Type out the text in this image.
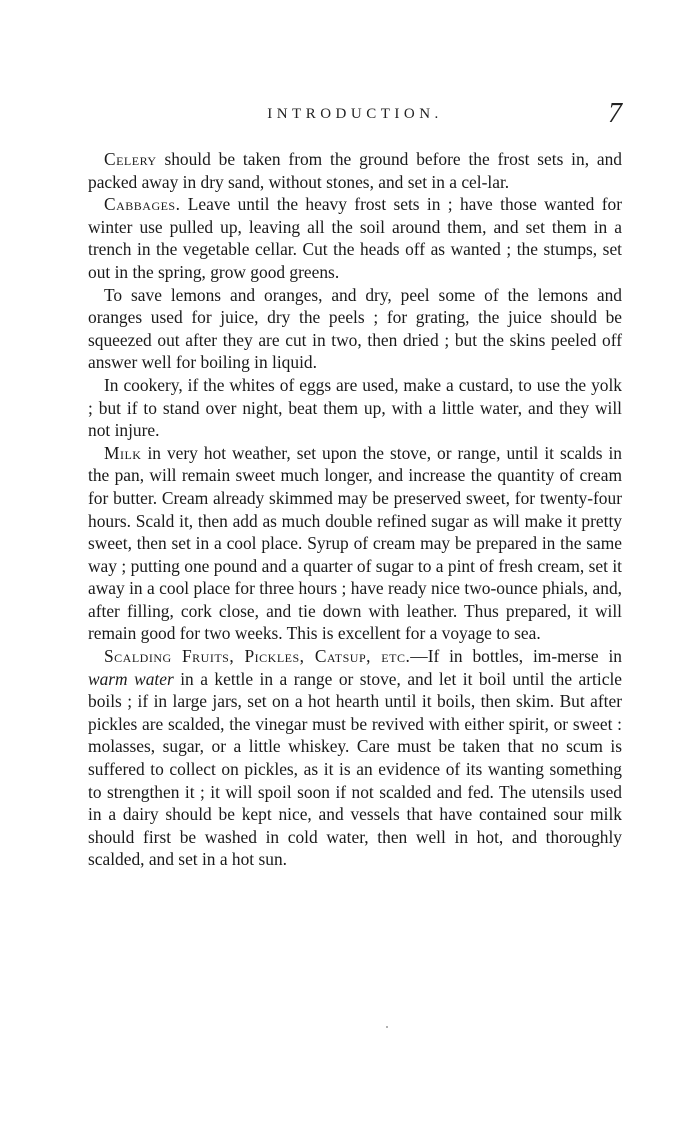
INTRODUCTION.	7

Celery should be taken from the ground before the frost sets in, and packed away in dry sand, without stones, and set in a cel-lar.

Cabbages. Leave until the heavy frost sets in ; have those wanted for winter use pulled up, leaving all the soil around them, and set them in a trench in the vegetable cellar. Cut the heads off as wanted ; the stumps, set out in the spring, grow good greens.

To save lemons and oranges, and dry, peel some of the lemons and oranges used for juice, dry the peels ; for grating, the juice should be squeezed out after they are cut in two, then dried ; but the skins peeled off answer well for boiling in liquid.

In cookery, if the whites of eggs are used, make a custard, to use the yolk ; but if to stand over night, beat them up, with a little water, and they will not injure.

Milk in very hot weather, set upon the stove, or range, until it scalds in the pan, will remain sweet much longer, and increase the quantity of cream for butter. Cream already skimmed may be preserved sweet, for twenty-four hours. Scald it, then add as much double refined sugar as will make it pretty sweet, then set in a cool place. Syrup of cream may be prepared in the same way ; putting one pound and a quarter of sugar to a pint of fresh cream, set it away in a cool place for three hours ; have ready nice two-ounce phials, and, after filling, cork close, and tie down with leather. Thus prepared, it will remain good for two weeks. This is excellent for a voyage to sea.

Scalding Fruits, Pickles, Catsup, etc.—If in bottles, im-merse in warm water in a kettle in a range or stove, and let it boil until the article boils ; if in large jars, set on a hot hearth until it boils, then skim. But after pickles are scalded, the vinegar must be revived with either spirit, or sweet : molasses, sugar, or a little whiskey. Care must be taken that no scum is suffered to collect on pickles, as it is an evidence of its wanting something to strengthen it ; it will spoil soon if not scalded and fed. The utensils used in a dairy should be kept nice, and vessels that have contained sour milk should first be washed in cold water, then well in hot, and thoroughly scalded, and set in a hot sun.
